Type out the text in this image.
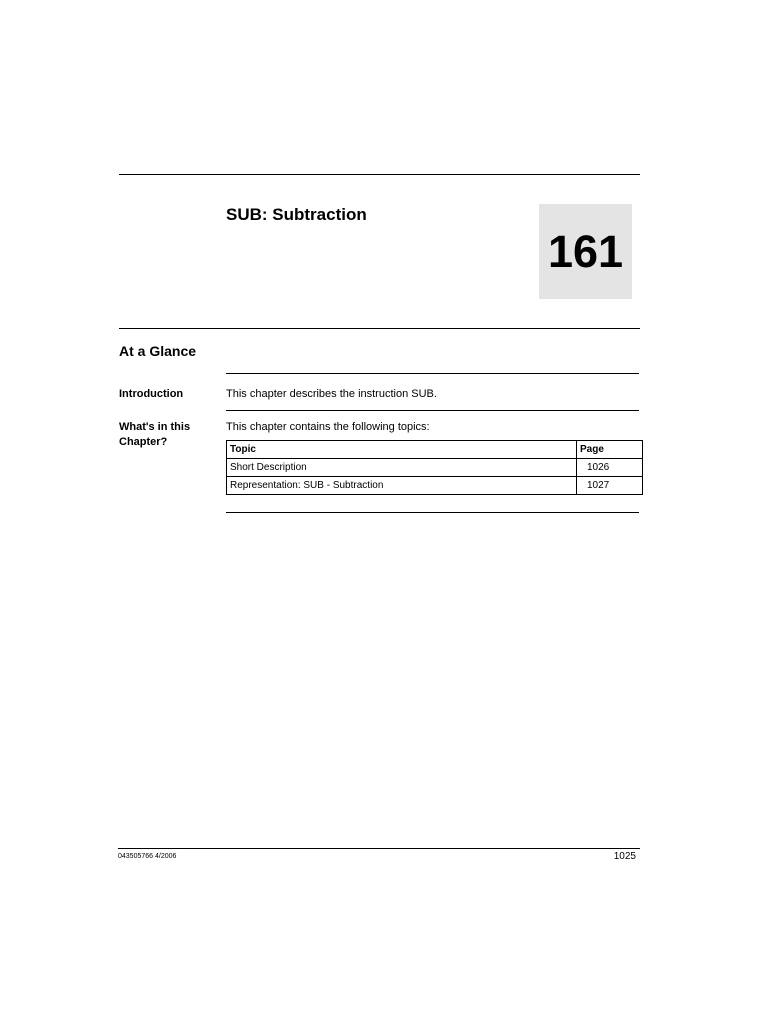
SUB: Subtraction
161
At a Glance
Introduction	This chapter describes the instruction SUB.
What's in this Chapter?
This chapter contains the following topics:
Topic	Page
Short Description	1026
Representation: SUB - Subtraction	1027
043505766 4/2006	1025
